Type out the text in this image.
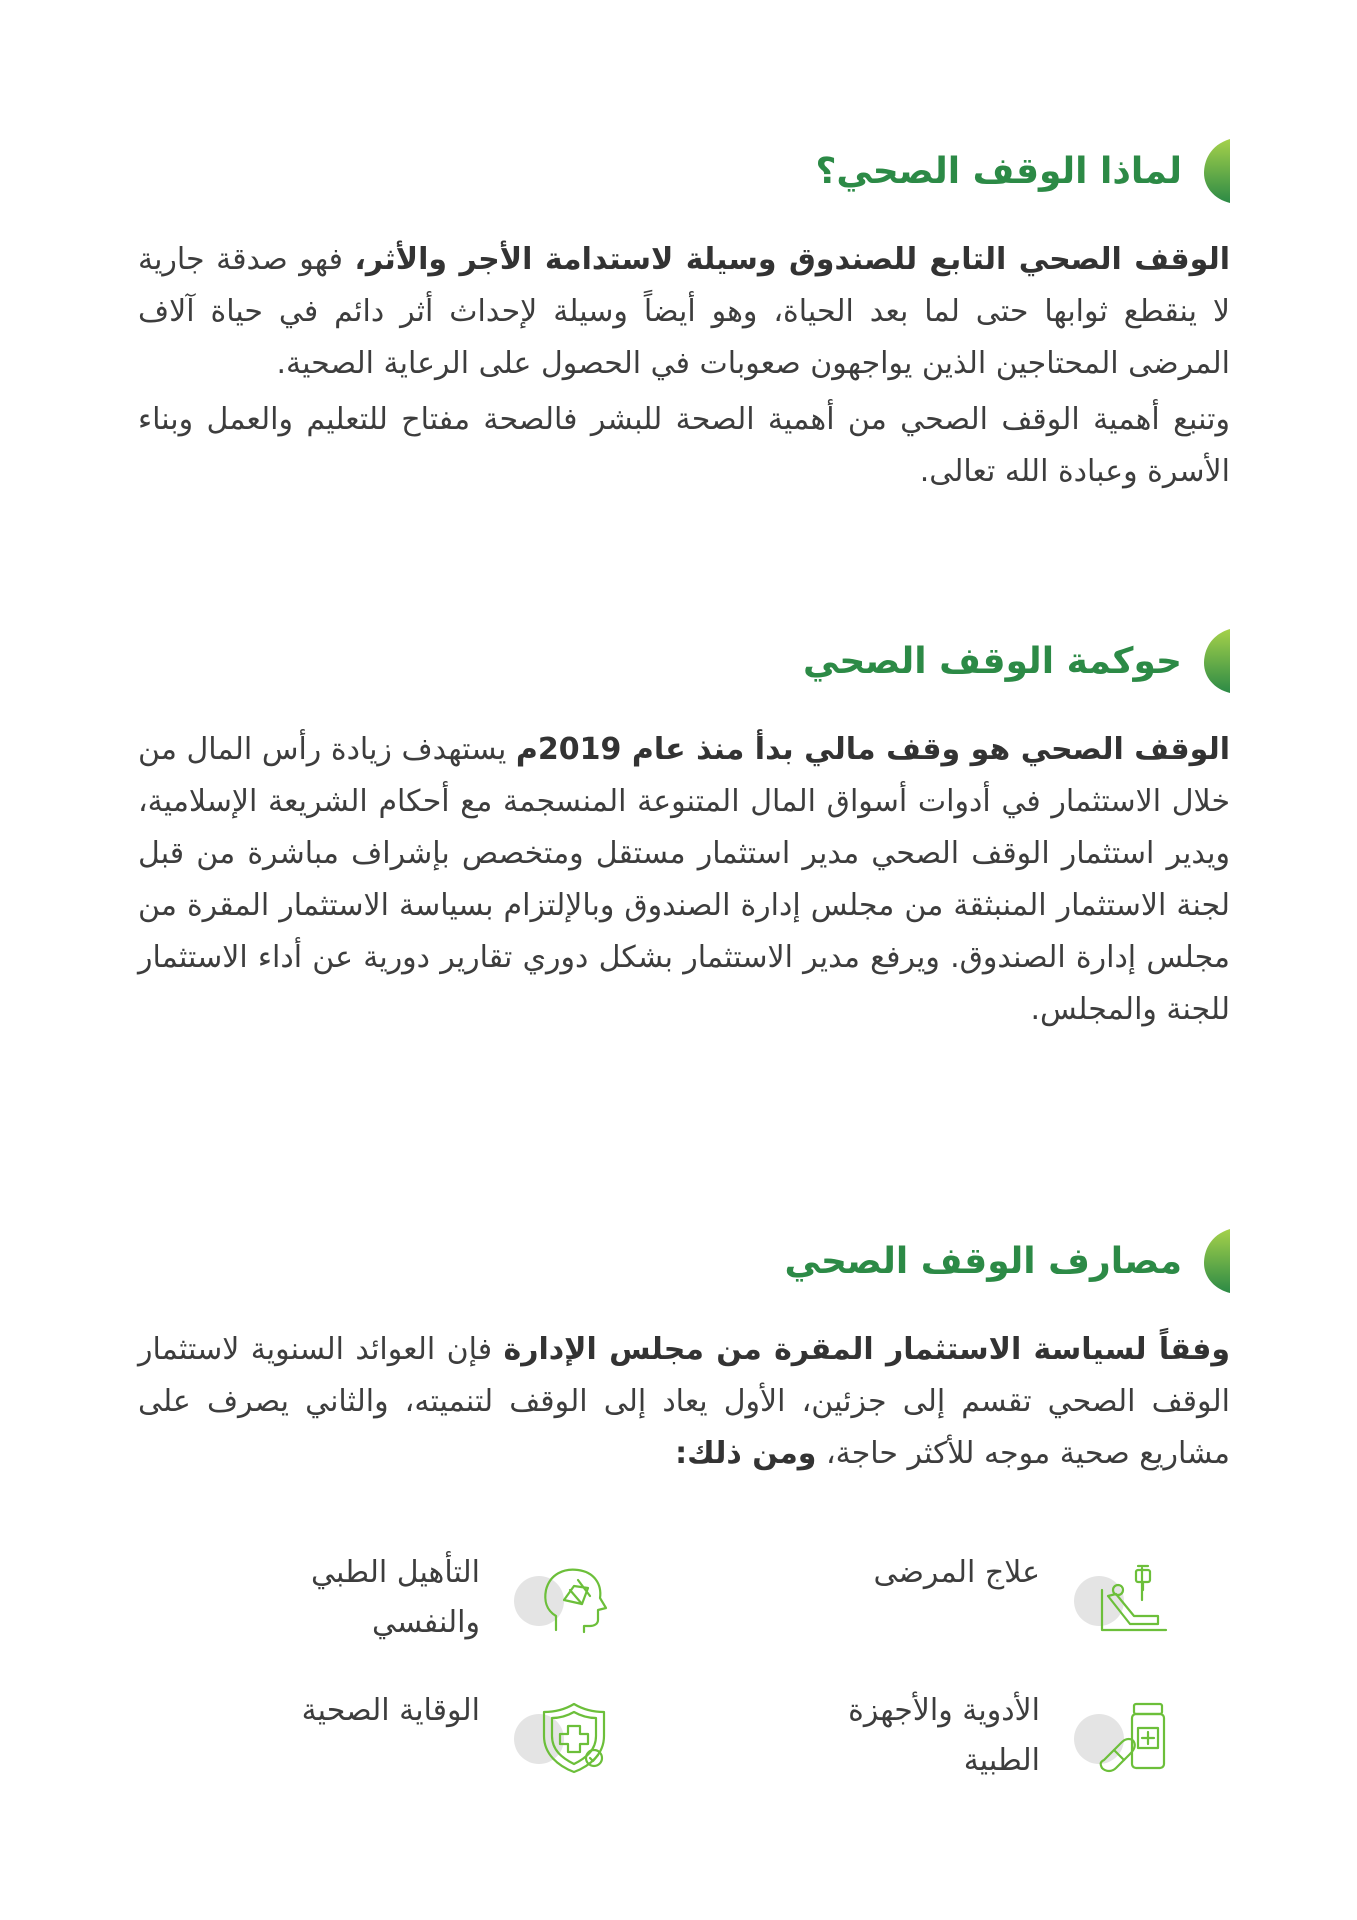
لماذا الوقف الصحي؟

الوقف الصحي التابع للصندوق وسيلة لاستدامة الأجر والأثر، فهو صدقة جارية لا ينقطع ثوابها حتى لما بعد الحياة، وهو أيضاً وسيلة لإحداث أثر دائم في حياة آلاف المرضى المحتاجين الذين يواجهون صعوبات في الحصول على الرعاية الصحية.

وتنبع أهمية الوقف الصحي من أهمية الصحة للبشر فالصحة مفتاح للتعليم والعمل وبناء الأسرة وعبادة الله تعالى.

حوكمة الوقف الصحي

الوقف الصحي هو وقف مالي بدأ منذ عام 2019م يستهدف زيادة رأس المال من خلال الاستثمار في أدوات أسواق المال المتنوعة المنسجمة مع أحكام الشريعة الإسلامية، ويدير استثمار الوقف الصحي مدير استثمار مستقل ومتخصص بإشراف مباشرة من قبل لجنة الاستثمار المنبثقة من مجلس إدارة الصندوق وبالإلتزام بسياسة الاستثمار المقرة من مجلس إدارة الصندوق. ويرفع مدير الاستثمار بشكل دوري تقارير دورية عن أداء الاستثمار للجنة والمجلس.

مصارف الوقف الصحي

وفقاً لسياسة الاستثمار المقرة من مجلس الإدارة فإن العوائد السنوية لاستثمار الوقف الصحي تقسم إلى جزئين، الأول يعاد إلى الوقف لتنميته، والثاني يصرف على مشاريع صحية موجه للأكثر حاجة، ومن ذلك:

علاج المرضى
التأهيل الطبي والنفسي
الأدوية والأجهزة الطبية
الوقاية الصحية
